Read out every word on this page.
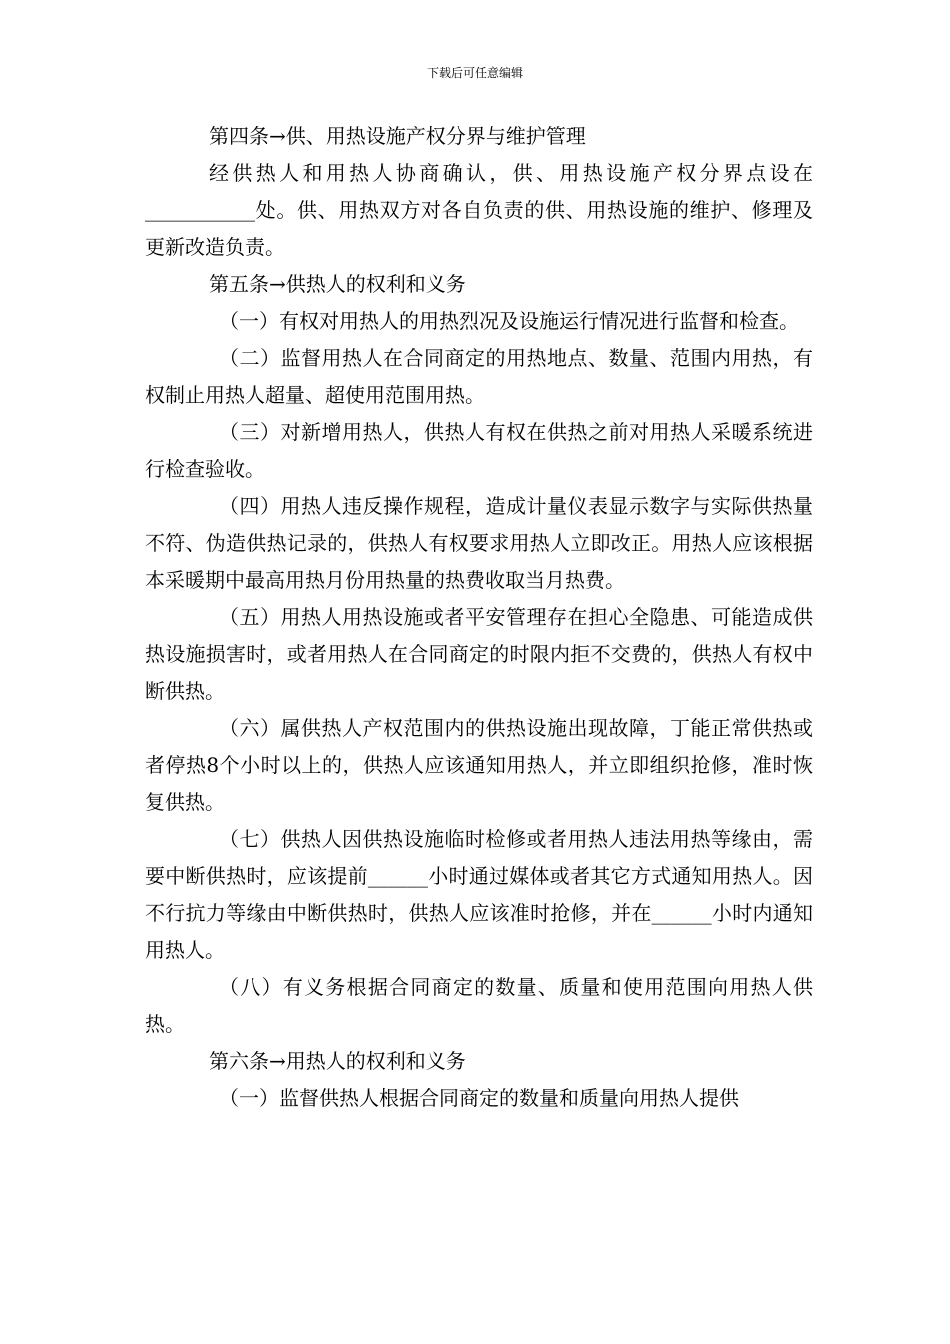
下载后可任意编辑

第四条→供、用热设施产权分界与维护管理

经供热人和用热人协商确认，供、用热设施产权分界点设在___________处。供、用热双方对各自负责的供、用热设施的维护、修理及更新改造负责。

第五条→供热人的权利和义务

（一）有权对用热人的用热烈况及设施运行情况进行监督和检查。

（二）监督用热人在合同商定的用热地点、数量、范围内用热，有权制止用热人超量、超使用范围用热。

（三）对新增用热人，供热人有权在供热之前对用热人采暖系统进行检查验收。

（四）用热人违反操作规程，造成计量仪表显示数字与实际供热量不符、伪造供热记录的，供热人有权要求用热人立即改正。用热人应该根据本采暖期中最高用热月份用热量的热费收取当月热费。

（五）用热人用热设施或者平安管理存在担心全隐患、可能造成供热设施损害时，或者用热人在合同商定的时限内拒不交费的，供热人有权中断供热。

（六）属供热人产权范围内的供热设施出现故障，丁能正常供热或者停热8个小时以上的，供热人应该通知用热人，并立即组织抢修，准时恢复供热。

（七）供热人因供热设施临时检修或者用热人违法用热等缘由，需要中断供热时，应该提前______小时通过媒体或者其它方式通知用热人。因不行抗力等缘由中断供热时，供热人应该准时抢修，并在______小时内通知用热人。

（八）有义务根据合同商定的数量、质量和使用范围向用热人供热。

第六条→用热人的权利和义务

（一）监督供热人根据合同商定的数量和质量向用热人提供
